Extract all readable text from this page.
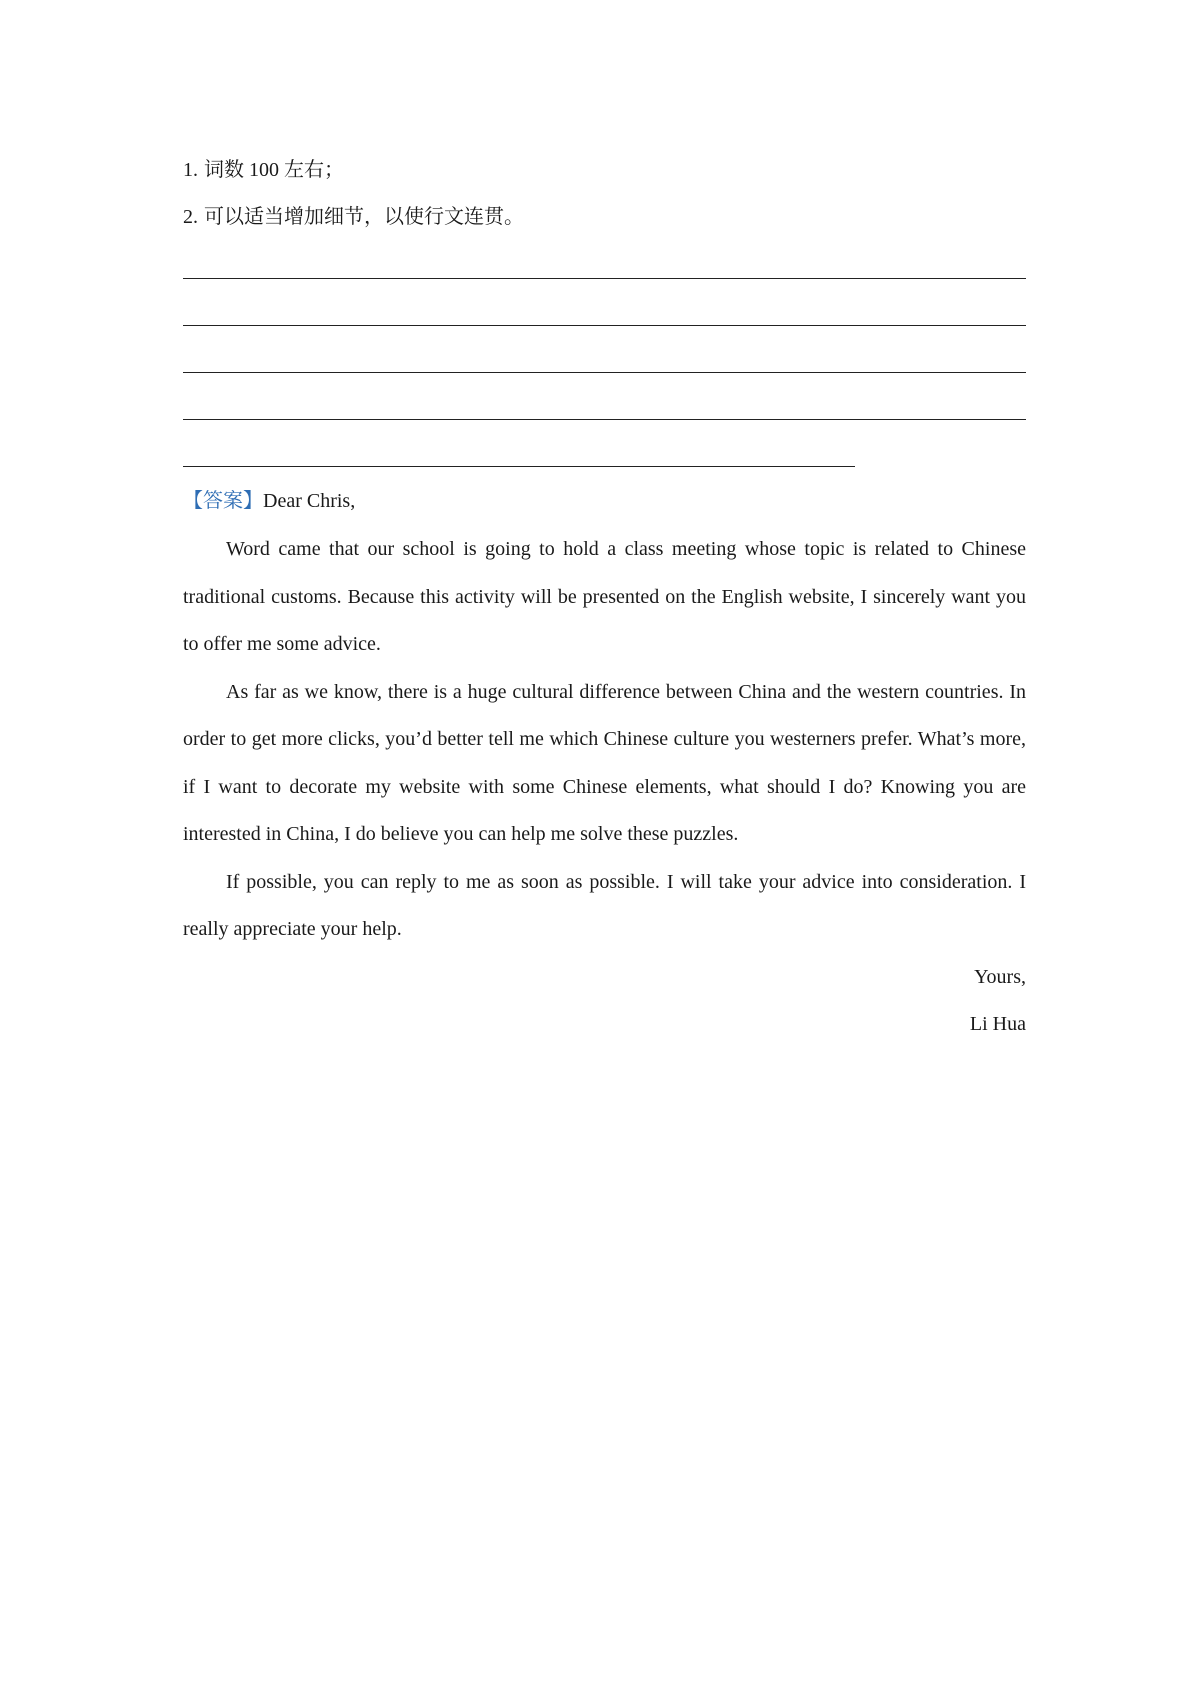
1. 词数 100 左右；
2. 可以适当增加细节，以使行文连贯。
【答案】Dear Chris,

Word came that our school is going to hold a class meeting whose topic is related to Chinese traditional customs. Because this activity will be presented on the English website, I sincerely want you to offer me some advice.

As far as we know, there is a huge cultural difference between China and the western countries. In order to get more clicks, you’d better tell me which Chinese culture you westerners prefer. What’s more, if I want to decorate my website with some Chinese elements, what should I do? Knowing you are interested in China, I do believe you can help me solve these puzzles.

If possible, you can reply to me as soon as possible. I will take your advice into consideration. I really appreciate your help.

Yours,
Li Hua
